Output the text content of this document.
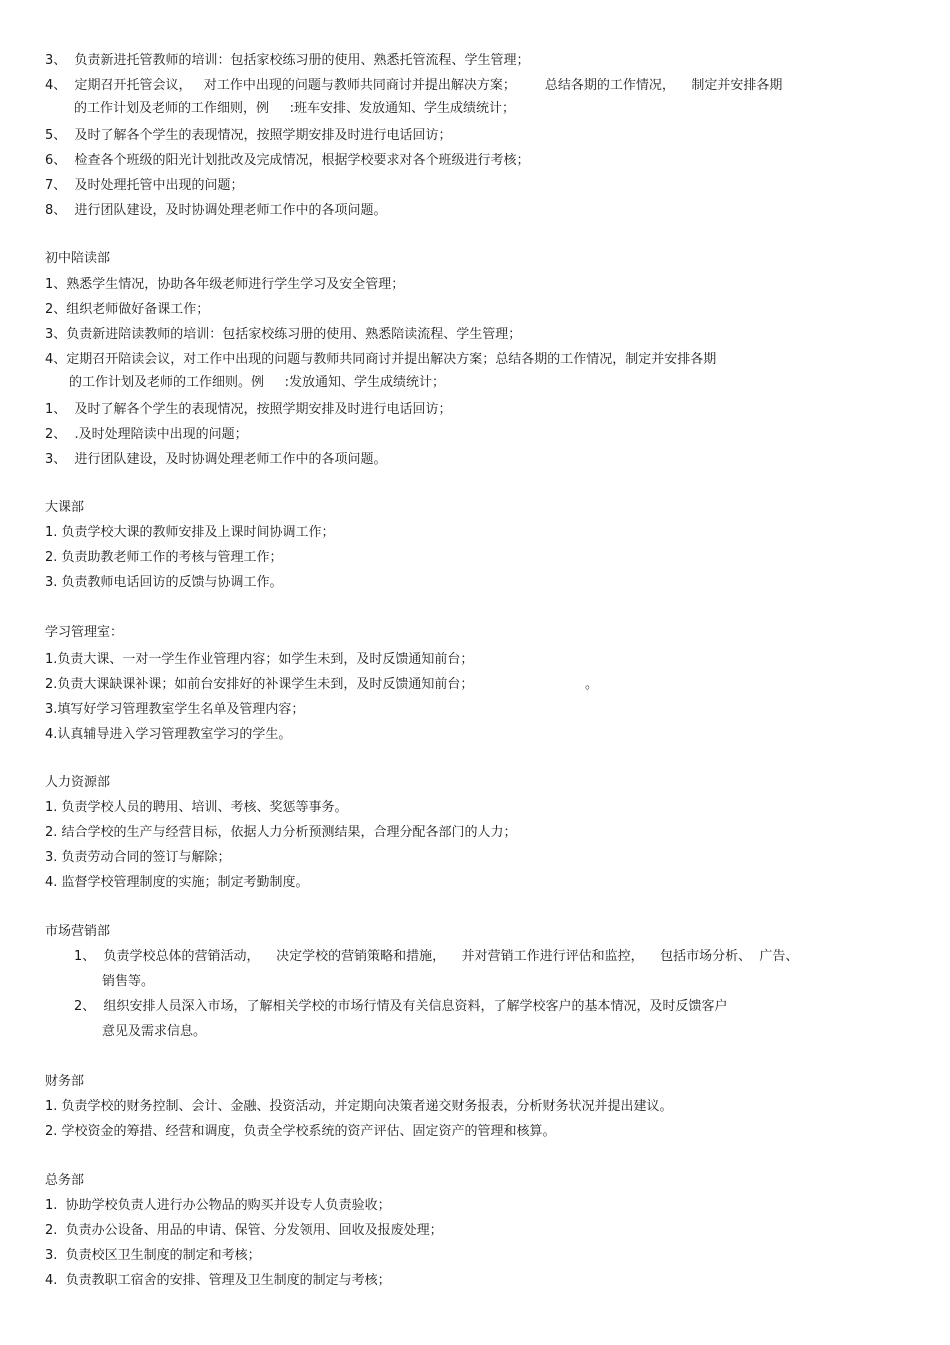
3、  负责新进托管教师的培训：包括家校练习册的使用、熟悉托管流程、学生管理；
4、  定期召开托管会议，   对工作中出现的问题与教师共同商讨并提出解决方案；       总结各期的工作情况，    制定并安排各期
的工作计划及老师的工作细则，例     :班车安排、发放通知、学生成绩统计；
5、  及时了解各个学生的表现情况，按照学期安排及时进行电话回访；
6、  检查各个班级的阳光计划批改及完成情况，根据学校要求对各个班级进行考核；
7、  及时处理托管中出现的问题；
8、  进行团队建设，及时协调处理老师工作中的各项问题。
初中陪读部
1、熟悉学生情况，协助各年级老师进行学生学习及安全管理；
2、组织老师做好备课工作；
3、负责新进陪读教师的培训：包括家校练习册的使用、熟悉陪读流程、学生管理；
4、定期召开陪读会议，对工作中出现的问题与教师共同商讨并提出解决方案；总结各期的工作情况，制定并安排各期
的工作计划及老师的工作细则。例     :发放通知、学生成绩统计；
1、  及时了解各个学生的表现情况，按照学期安排及时进行电话回访；
2、  .及时处理陪读中出现的问题；
3、  进行团队建设，及时协调处理老师工作中的各项问题。
大课部
1. 负责学校大课的教师安排及上课时间协调工作；
2. 负责助教老师工作的考核与管理工作；
3. 负责教师电话回访的反馈与协调工作。
学习管理室：
1.负责大课、一对一学生作业管理内容；如学生未到，及时反馈通知前台；
2.负责大课缺课补课；如前台安排好的补课学生未到，及时反馈通知前台；	。
3.填写好学习管理教室学生名单及管理内容；
4.认真辅导进入学习管理教室学习的学生。
人力资源部
1. 负责学校人员的聘用、培训、考核、奖惩等事务。
2. 结合学校的生产与经营目标，依据人力分析预测结果，合理分配各部门的人力；
3. 负责劳动合同的签订与解除；
4. 监督学校管理制度的实施；制定考勤制度。
市场营销部
1、  负责学校总体的营销活动，    决定学校的营销策略和措施，    并对营销工作进行评估和监控，    包括市场分析、  广告、
销售等。
2、  组织安排人员深入市场，了解相关学校的市场行情及有关信息资料，了解学校客户的基本情况，及时反馈客户
意见及需求信息。
财务部
1. 负责学校的财务控制、会计、金融、投资活动，并定期向决策者递交财务报表，分析财务状况并提出建议。
2. 学校资金的筹措、经营和调度，负责全学校系统的资产评估、固定资产的管理和核算。
总务部
1.  协助学校负责人进行办公物品的购买并设专人负责验收；
2.  负责办公设备、用品的申请、保管、分发领用、回收及报废处理；
3.  负责校区卫生制度的制定和考核；
4.  负责教职工宿舍的安排、管理及卫生制度的制定与考核；
